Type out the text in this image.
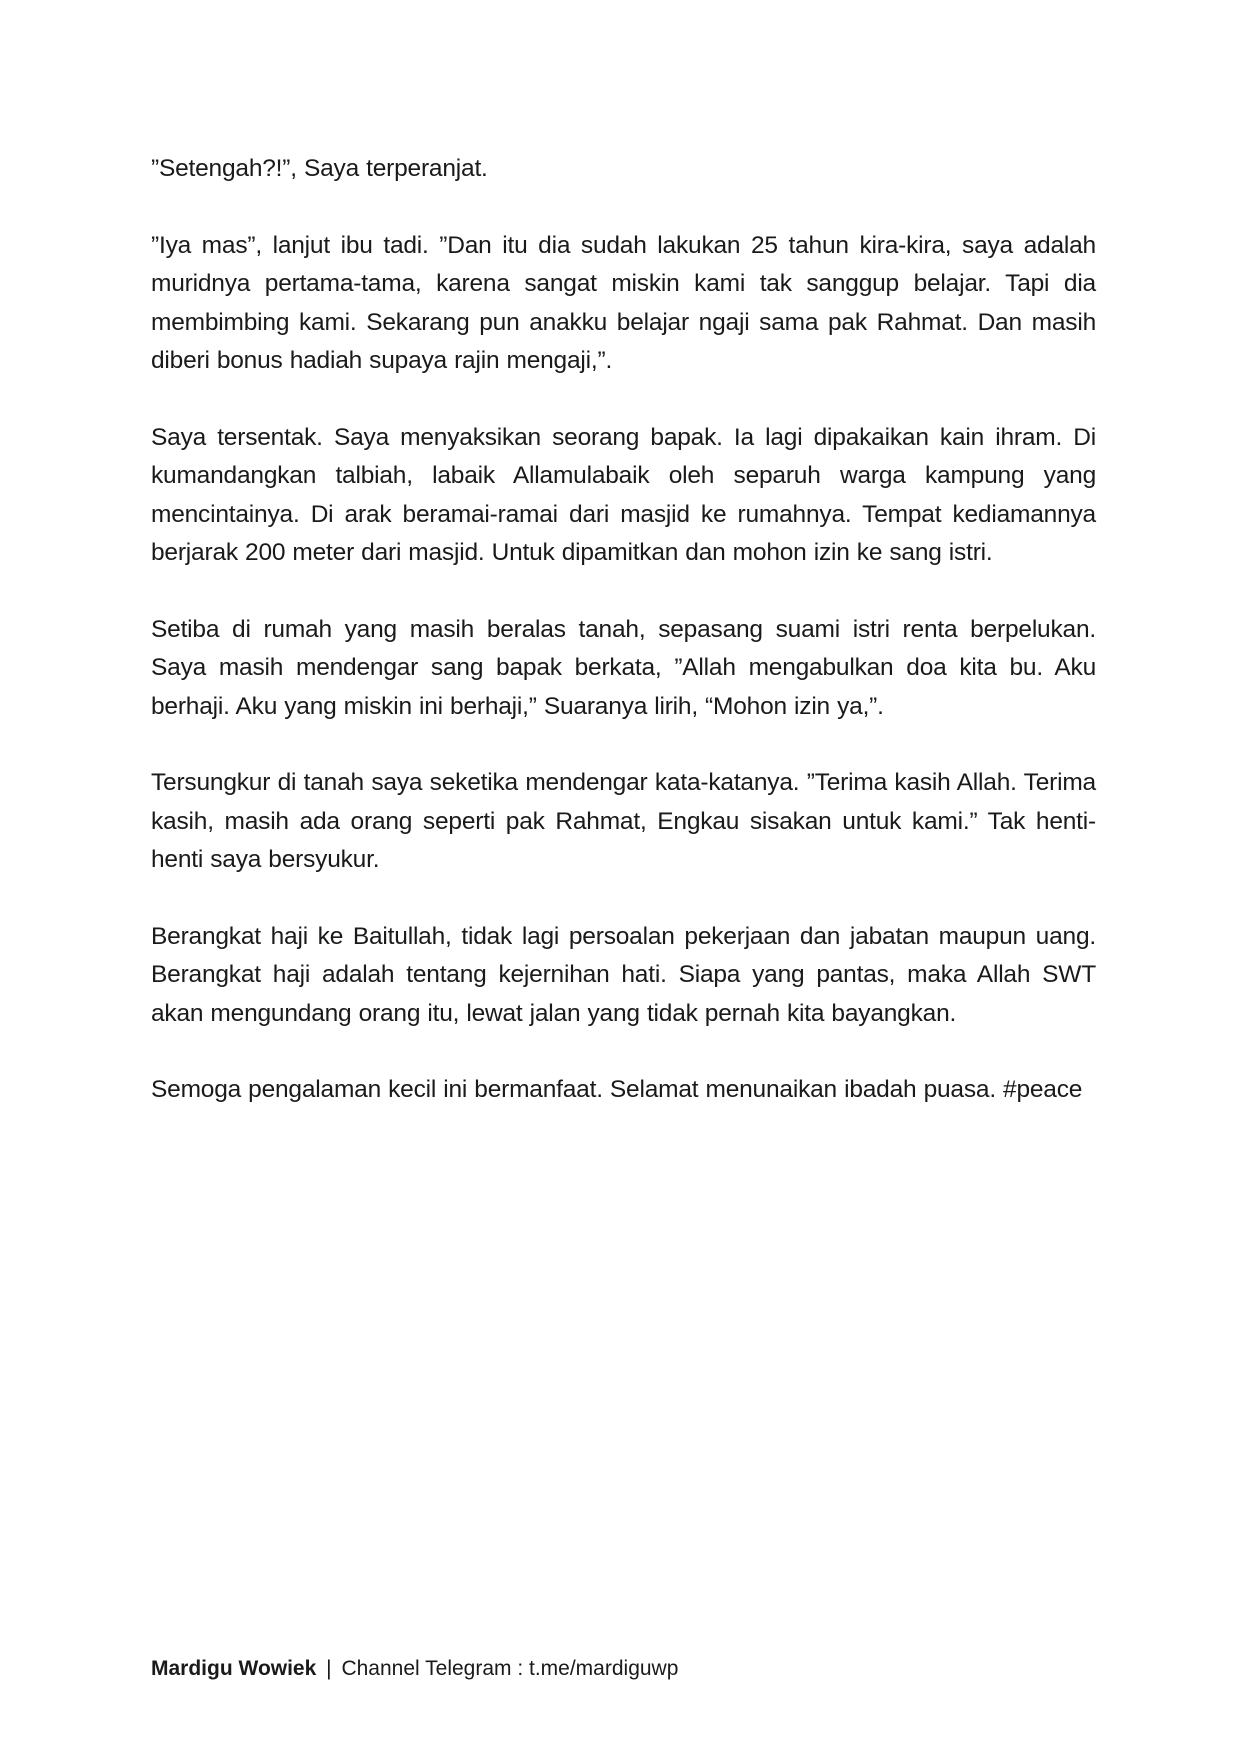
”Setengah?!”, Saya terperanjat.

”Iya mas”, lanjut ibu tadi. ”Dan itu dia sudah lakukan 25 tahun kira-kira, saya adalah muridnya pertama-tama, karena sangat miskin kami tak sanggup belajar. Tapi dia membimbing kami. Sekarang pun anakku belajar ngaji sama pak Rahmat. Dan masih diberi bonus hadiah supaya rajin mengaji,”.

Saya tersentak. Saya menyaksikan seorang bapak. Ia lagi dipakaikan kain ihram. Di kumandangkan talbiah, labaik Allamulabaik oleh separuh warga kampung yang mencintainya. Di arak beramai-ramai dari masjid ke rumahnya. Tempat kediamannya berjarak 200 meter dari masjid. Untuk dipamitkan dan mohon izin ke sang istri.

Setiba di rumah yang masih beralas tanah, sepasang suami istri renta berpelukan. Saya masih mendengar sang bapak berkata, ”Allah mengabulkan doa kita bu. Aku berhaji. Aku yang miskin ini berhaji,” Suaranya lirih, “Mohon izin ya,”.

Tersungkur di tanah saya seketika mendengar kata-katanya. ”Terima kasih Allah. Terima kasih, masih ada orang seperti pak Rahmat, Engkau sisakan untuk kami.” Tak henti-henti saya bersyukur.

Berangkat haji ke Baitullah, tidak lagi persoalan pekerjaan dan jabatan maupun uang. Berangkat haji adalah tentang kejernihan hati. Siapa yang pantas, maka Allah SWT akan mengundang orang itu, lewat jalan yang tidak pernah kita bayangkan.

Semoga pengalaman kecil ini bermanfaat. Selamat menunaikan ibadah puasa. #peace

Mardigu Wowiek | Channel Telegram : t.me/mardiguwp
